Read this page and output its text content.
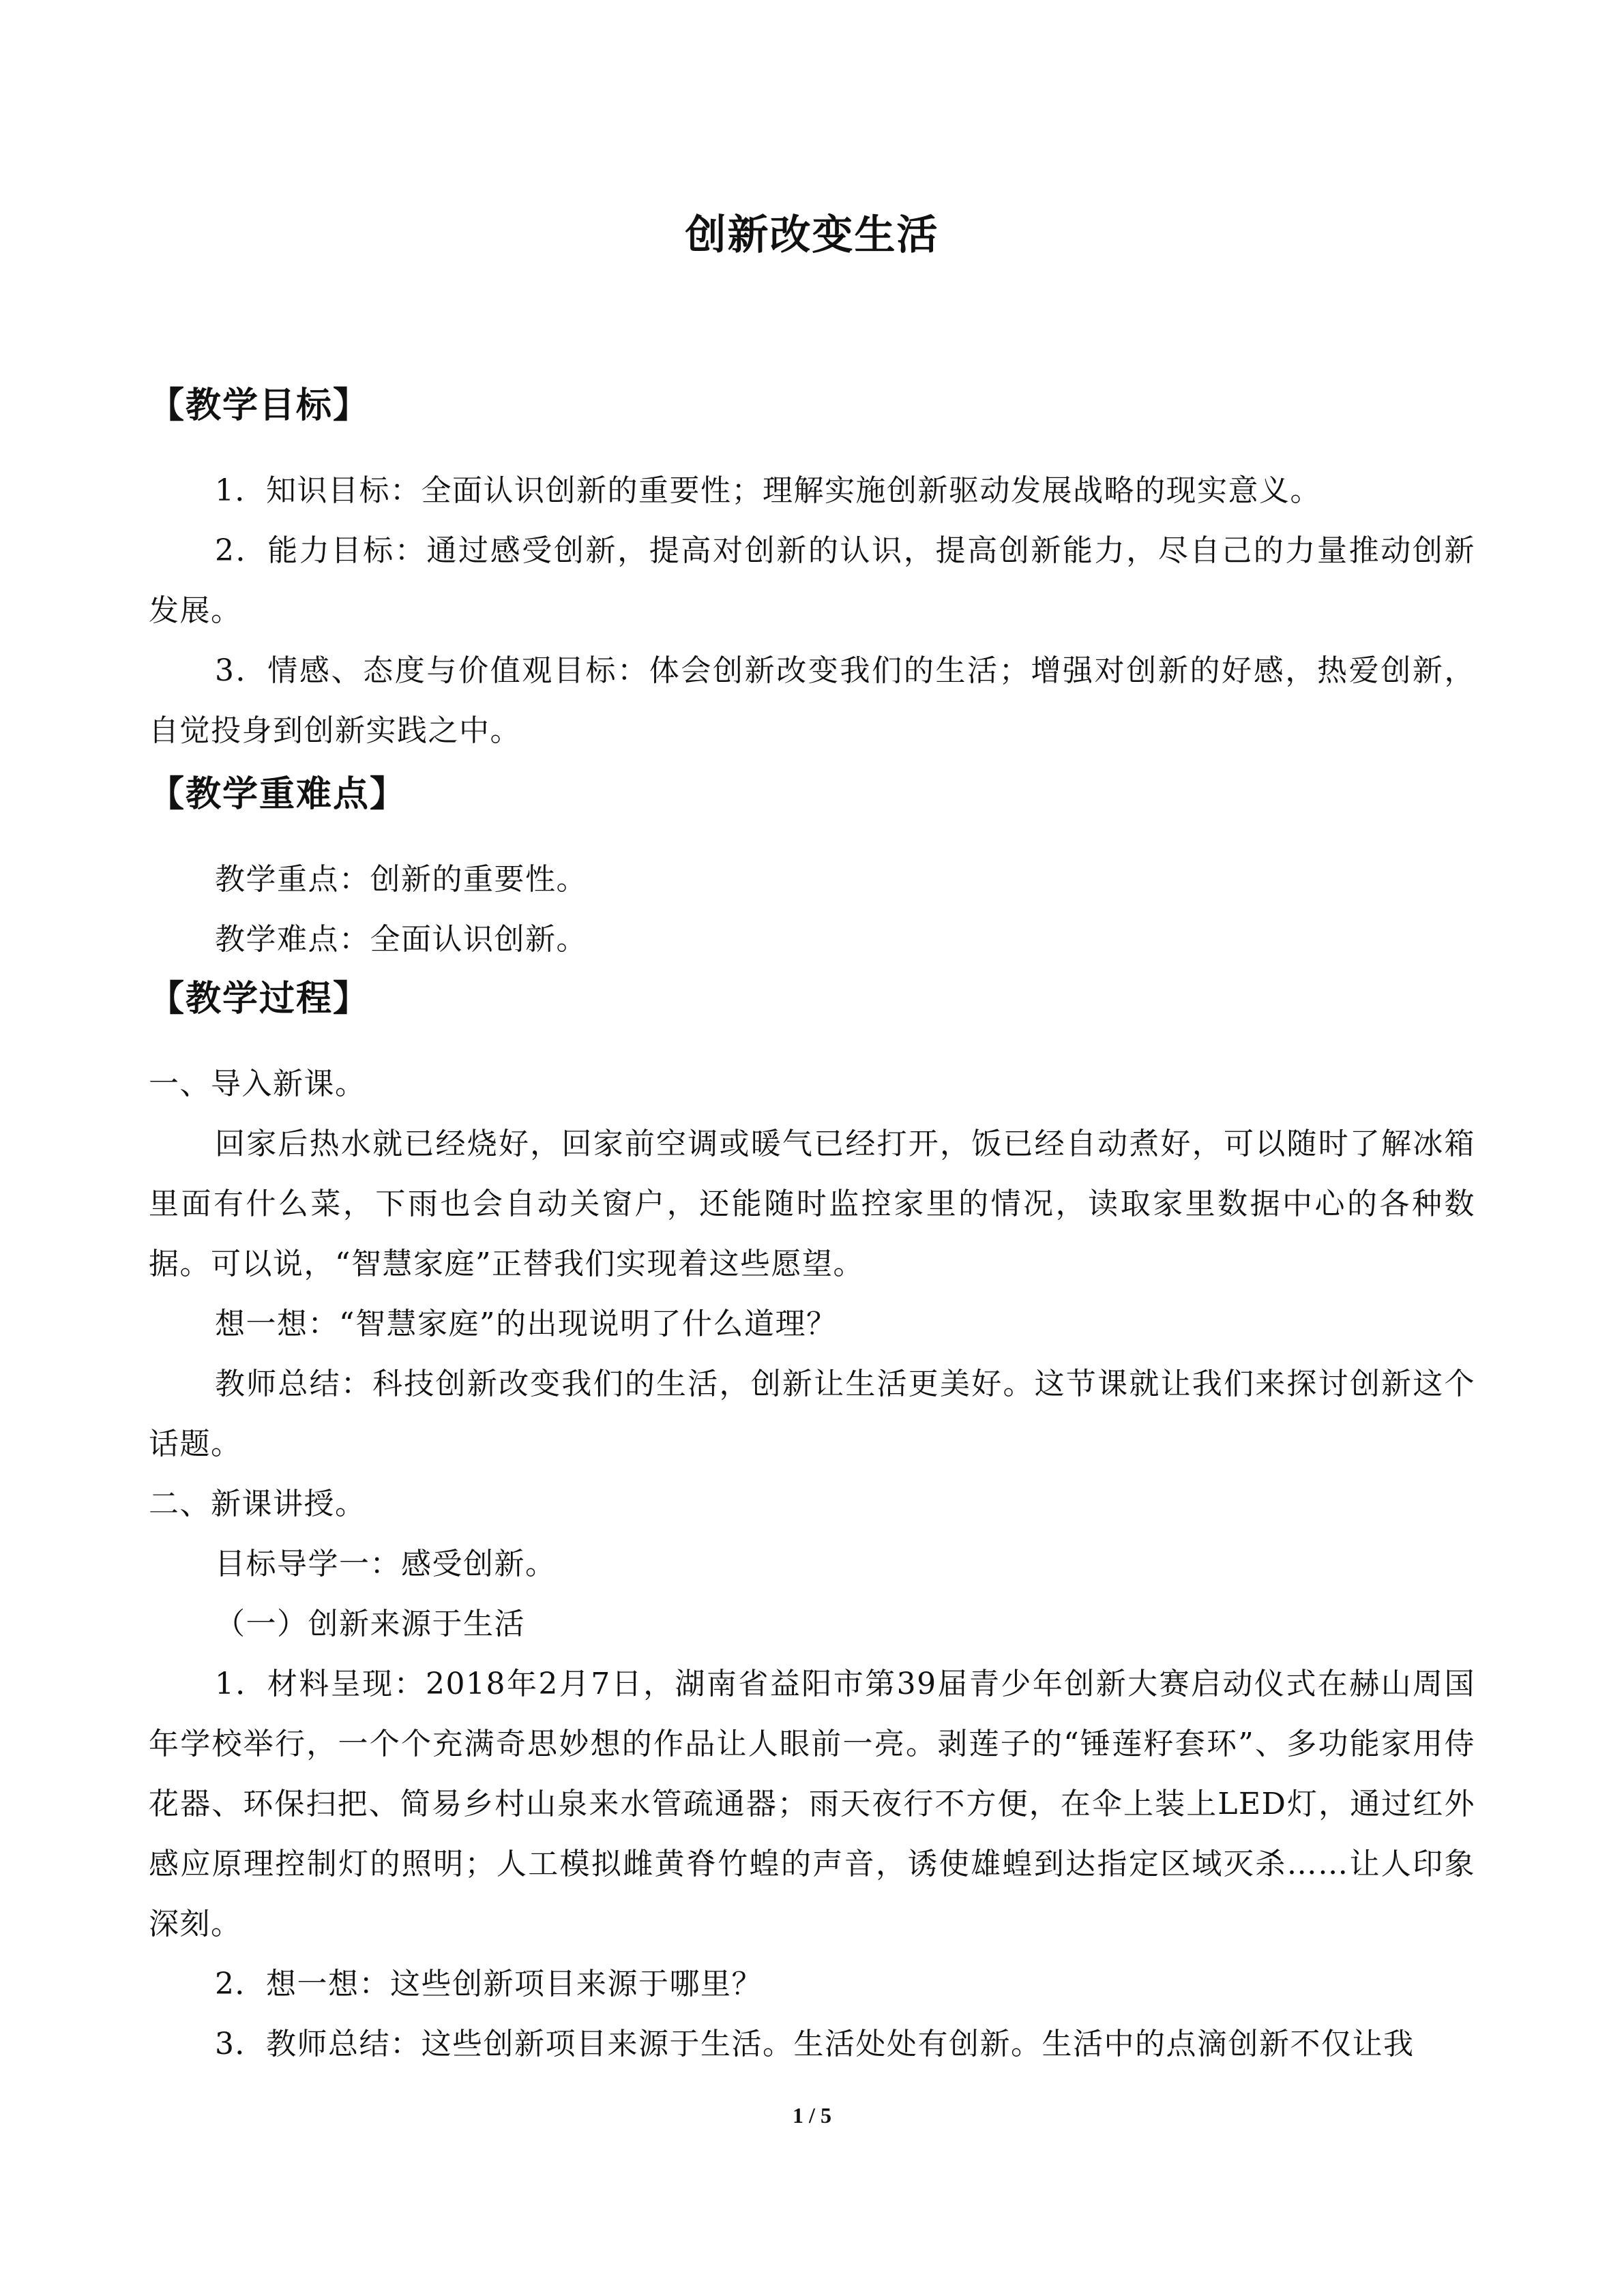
创新改变生活
【教学目标】
1．知识目标：全面认识创新的重要性；理解实施创新驱动发展战略的现实意义。
2．能力目标：通过感受创新，提高对创新的认识，提高创新能力，尽自己的力量推动创新发展。
3．情感、态度与价值观目标：体会创新改变我们的生活；增强对创新的好感，热爱创新，自觉投身到创新实践之中。
【教学重难点】
教学重点：创新的重要性。
教学难点：全面认识创新。
【教学过程】
一、导入新课。
回家后热水就已经烧好，回家前空调或暖气已经打开，饭已经自动煮好，可以随时了解冰箱里面有什么菜，下雨也会自动关窗户，还能随时监控家里的情况，读取家里数据中心的各种数据。可以说，“智慧家庭”正替我们实现着这些愿望。
想一想：“智慧家庭”的出现说明了什么道理？
教师总结：科技创新改变我们的生活，创新让生活更美好。这节课就让我们来探讨创新这个话题。
二、新课讲授。
目标导学一：感受创新。
（一）创新来源于生活
1．材料呈现：2018年2月7日，湖南省益阳市第39届青少年创新大赛启动仪式在赫山周国年学校举行，一个个充满奇思妙想的作品让人眼前一亮。剥莲子的“锤莲籽套环”、多功能家用侍花器、环保扫把、简易乡村山泉来水管疏通器；雨天夜行不方便，在伞上装上LED灯，通过红外感应原理控制灯的照明；人工模拟雌黄脊竹蝗的声音，诱使雄蝗到达指定区域灭杀……让人印象深刻。
2．想一想：这些创新项目来源于哪里？
3．教师总结：这些创新项目来源于生活。生活处处有创新。生活中的点滴创新不仅让我
1 / 5
